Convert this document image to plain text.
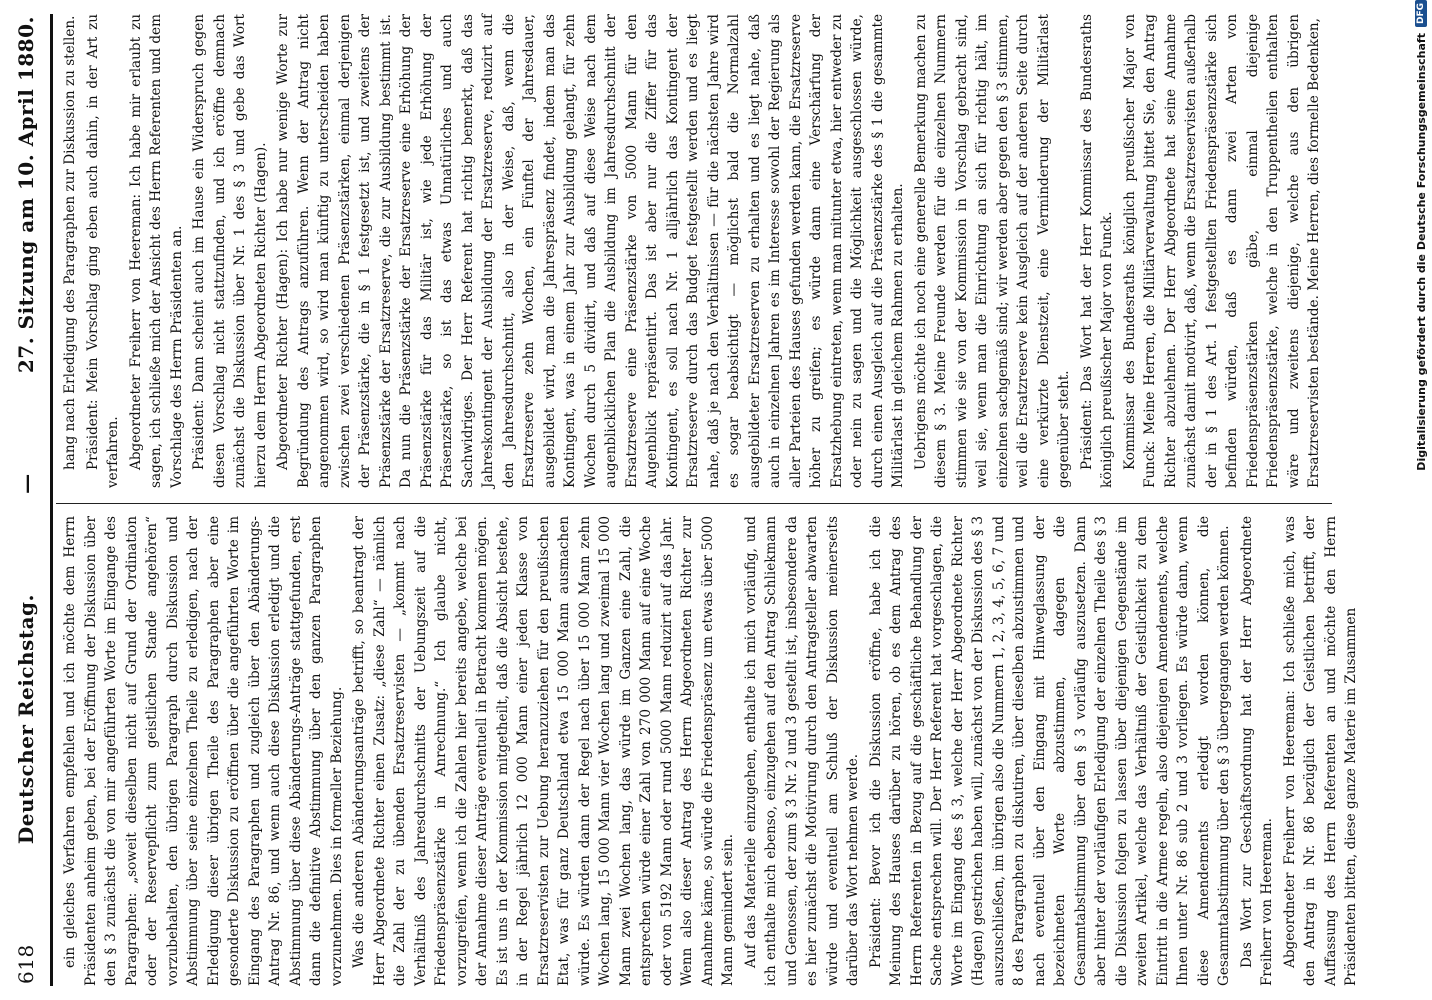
618
Deutscher Reichstag.
—
27. Sitzung am 10. April 1880.

ein gleiches Verfahren empfehlen und ich möchte dem Herrn Präsidenten anheim geben, bei der Eröffnung der Diskussion über den § 3 zunächst die von mir angeführten Worte im Eingange des Paragraphen: „soweit dieselben nicht auf Grund der Ordination oder der Reservepflicht zum geistlichen Stande angehören“ vorzubehalten, den übrigen Paragraph durch Diskussion und Abstimmung über seine einzelnen Theile zu erledigen, nach der Erledigung dieser übrigen Theile des Paragraphen aber eine gesonderte Diskussion zu eröffnen über die angeführten Worte im Eingang des Paragraphen und zugleich über den Abänderungs-Antrag Nr. 86, und wenn auch diese Diskussion erledigt und die Abstimmung über diese Abänderungs-Anträge stattgefunden, erst dann die definitive Abstimmung über den ganzen Paragraphen vorzunehmen. Dies in formeller Beziehung. Was die anderen Abänderungsanträge betrifft, so beantragt der Herr Abgeordnete Richter einen Zusatz: „diese Zahl“ — nämlich die Zahl der zu übenden Ersatzreservisten — „kommt nach Verhältniß des Jahresdurchschnitts der Uebungszeit auf die Friedenspräsenzstärke in Anrechnung.“ Ich glaube nicht, vorzugreifen, wenn ich die Zahlen hier bereits angebe, welche bei der Annahme dieser Anträge eventuell in Betracht kommen mögen. Es ist uns in der Kommission mitgetheilt, daß die Absicht bestehe, in der Regel jährlich 12 000 Mann einer jeden Klasse von Ersatzreservisten zur Uebung heranzuziehen für den preußischen Etat, was für ganz Deutschland etwa 15 000 Mann ausmachen würde. Es würden dann der Regel nach über 15 000 Mann zehn Wochen lang, 15 000 Mann vier Wochen lang und zweimal 15 000 Mann zwei Wochen lang, das würde im Ganzen eine Zahl, die entsprechen würde einer Zahl von 270 000 Mann auf eine Woche oder von 5192 Mann oder rund 5000 Mann reduzirt auf das Jahr. Wenn also dieser Antrag des Herrn Abgeordneten Richter zur Annahme käme, so würde die Friedenspräsenz um etwas über 5000 Mann gemindert sein. Auf das Materielle einzugehen, enthalte ich mich vorläufig, und ich enthalte mich ebenso, einzugehen auf den Antrag Schliekmann und Genossen, der zum § 3 Nr. 2 und 3 gestellt ist, insbesondere da es hier zunächst die Motivirung durch den Antragsteller abwarten würde und eventuell am Schluß der Diskussion meinerseits darüber das Wort nehmen werde. Präsident: Bevor ich die Diskussion eröffne, habe ich die Meinung des Hauses darüber zu hören, ob es dem Antrag des Herrn Referenten in Bezug auf die geschäftliche Behandlung der Sache entsprechen will. Der Herr Referent hat vorgeschlagen, die Worte im Eingang des § 3, welche der Herr Abgeordnete Richter (Hagen) gestrichen haben will, zunächst von der Diskussion des § 3 auszuschließen, im übrigen also die Nummern 1, 2, 3, 4, 5, 6, 7 und 8 des Paragraphen zu diskutiren, über dieselben abzustimmen und nach eventuell über den Eingang mit Hinweglassung der bezeichneten Worte abzustimmen, dagegen die Gesammtabstimmung über den § 3 vorläufig auszusetzen. Dann aber hinter der vorläufigen Erledigung der einzelnen Theile des § 3 die Diskussion folgen zu lassen über diejenigen Gegenstände im zweiten Artikel, welche das Verhältniß der Geistlichkeit zu dem Eintritt in die Armee regeln, also diejenigen Amendements, welche Ihnen unter Nr. 86 sub 2 und 3 vorliegen. Es würde dann, wenn diese Amendements erledigt worden können, die Gesammtabstimmung über den § 3 übergegangen werden können. Das Wort zur Geschäftsordnung hat der Herr Abgeordnete Freiherr von Heereman. Abgeordneter Freiherr von Heereman: Ich schließe mich, was den Antrag in Nr. 86 bezüglich der Geistlichen betrifft, der Auffassung des Herrn Referenten an und möchte den Herrn Präsidenten bitten, diese ganze Materie im Zusammen

hang nach Erledigung des Paragraphen zur Diskussion zu stellen. Präsident: Mein Vorschlag ging eben auch dahin, in der Art zu verfahren. Abgeordneter Freiherr von Heereman: Ich habe mir erlaubt zu sagen, ich schließe mich der Ansicht des Herrn Referenten und dem Vorschlage des Herrn Präsidenten an. Präsident: Dann scheint auch im Hause ein Widerspruch gegen diesen Vorschlag nicht stattzufinden, und ich eröffne demnach zunächst die Diskussion über Nr. 1 des § 3 und gebe das Wort hierzu dem Herrn Abgeordneten Richter (Hagen). Abgeordneter Richter (Hagen): Ich habe nur wenige Worte zur Begründung des Antrags anzuführen. Wenn der Antrag nicht angenommen wird, so wird man künftig zu unterscheiden haben zwischen zwei verschiedenen Präsenzstärken, einmal derjenigen der Präsenzstärke, die in § 1 festgesetzt ist, und zweitens der Präsenzstärke der Ersatzreserve, die zur Ausbildung bestimmt ist. Da nun die Präsenzstärke der Ersatzreserve eine Erhöhung der Präsenzstärke für das Militär ist, wie jede Erhöhung der Präsenzstärke, so ist das etwas Unnatürliches und auch Sachwidriges. Der Herr Referent hat richtig bemerkt, daß das Jahreskontingent der Ausbildung der Ersatzreserve, reduzirt auf den Jahresdurchschnitt, also in der Weise, daß, wenn die Ersatzreserve zehn Wochen, ein Fünftel der Jahresdauer, ausgebildet wird, man die Jahrespräsenz findet, indem man das Kontingent, was in einem Jahr zur Ausbildung gelangt, für zehn Wochen durch 5 dividirt, und daß auf diese Weise nach dem augenblicklichen Plan die Ausbildung im Jahresdurchschnitt der Ersatzreserve eine Präsenzstärke von 5000 Mann für den Augenblick repräsentirt. Das ist aber nur die Ziffer für das Kontingent, es soll nach Nr. 1 alljährlich das Kontingent der Ersatzreserve durch das Budget festgestellt werden und es liegt nahe, daß je nach den Verhältnissen — für die nächsten Jahre wird es sogar beabsichtigt — möglichst bald die Normalzahl ausgebildeter Ersatzreserven zu erhalten und es liegt nahe, daß auch in einzelnen Jahren es im Interesse sowohl der Regierung als aller Parteien des Hauses gefunden werden kann, die Ersatzreserve höher zu greifen; es würde dann eine Verschärfung der Ersatzhebung eintreten, wenn man mitunter etwa, hier entweder zu oder nein zu sagen und die Möglichkeit ausgeschlossen würde, durch einen Ausgleich auf die Präsenzstärke des § 1 die gesammte Militärlast in gleichem Rahmen zu erhalten. Uebrigens möchte ich noch eine generelle Bemerkung machen zu diesem § 3. Meine Freunde werden für die einzelnen Nummern stimmen wie sie von der Kommission in Vorschlag gebracht sind, weil sie, wenn man die Einrichtung an sich für richtig hält, im einzelnen sachgemäß sind; wir werden aber gegen den § 3 stimmen, weil die Ersatzreserve kein Ausgleich auf der anderen Seite durch eine verkürzte Dienstzeit, eine Verminderung der Militärlast gegenüber steht. Präsident: Das Wort hat der Herr Kommissar des Bundesraths königlich preußischer Major von Funck. Kommissar des Bundesraths königlich preußischer Major von Funck: Meine Herren, die Militärverwaltung bittet Sie, den Antrag Richter abzulehnen. Der Herr Abgeordnete hat seine Annahme zunächst damit motivirt, daß, wenn die Ersatzreservisten außerhalb der in § 1 des Art. 1 festgestellten Friedenspräsenzstärke sich befinden würden, daß es dann zwei Arten von Friedenspräsenzstärken gäbe, einmal diejenige Friedenspräsenzstärke, welche in den Truppentheilen enthalten wäre und zweitens diejenige, welche aus den übrigen Ersatzreservisten bestände. Meine Herren, dies formelle Bedenken,	Digitalisierung gefördert durch die Deutsche Forschungsgemeinschaft
DFG
